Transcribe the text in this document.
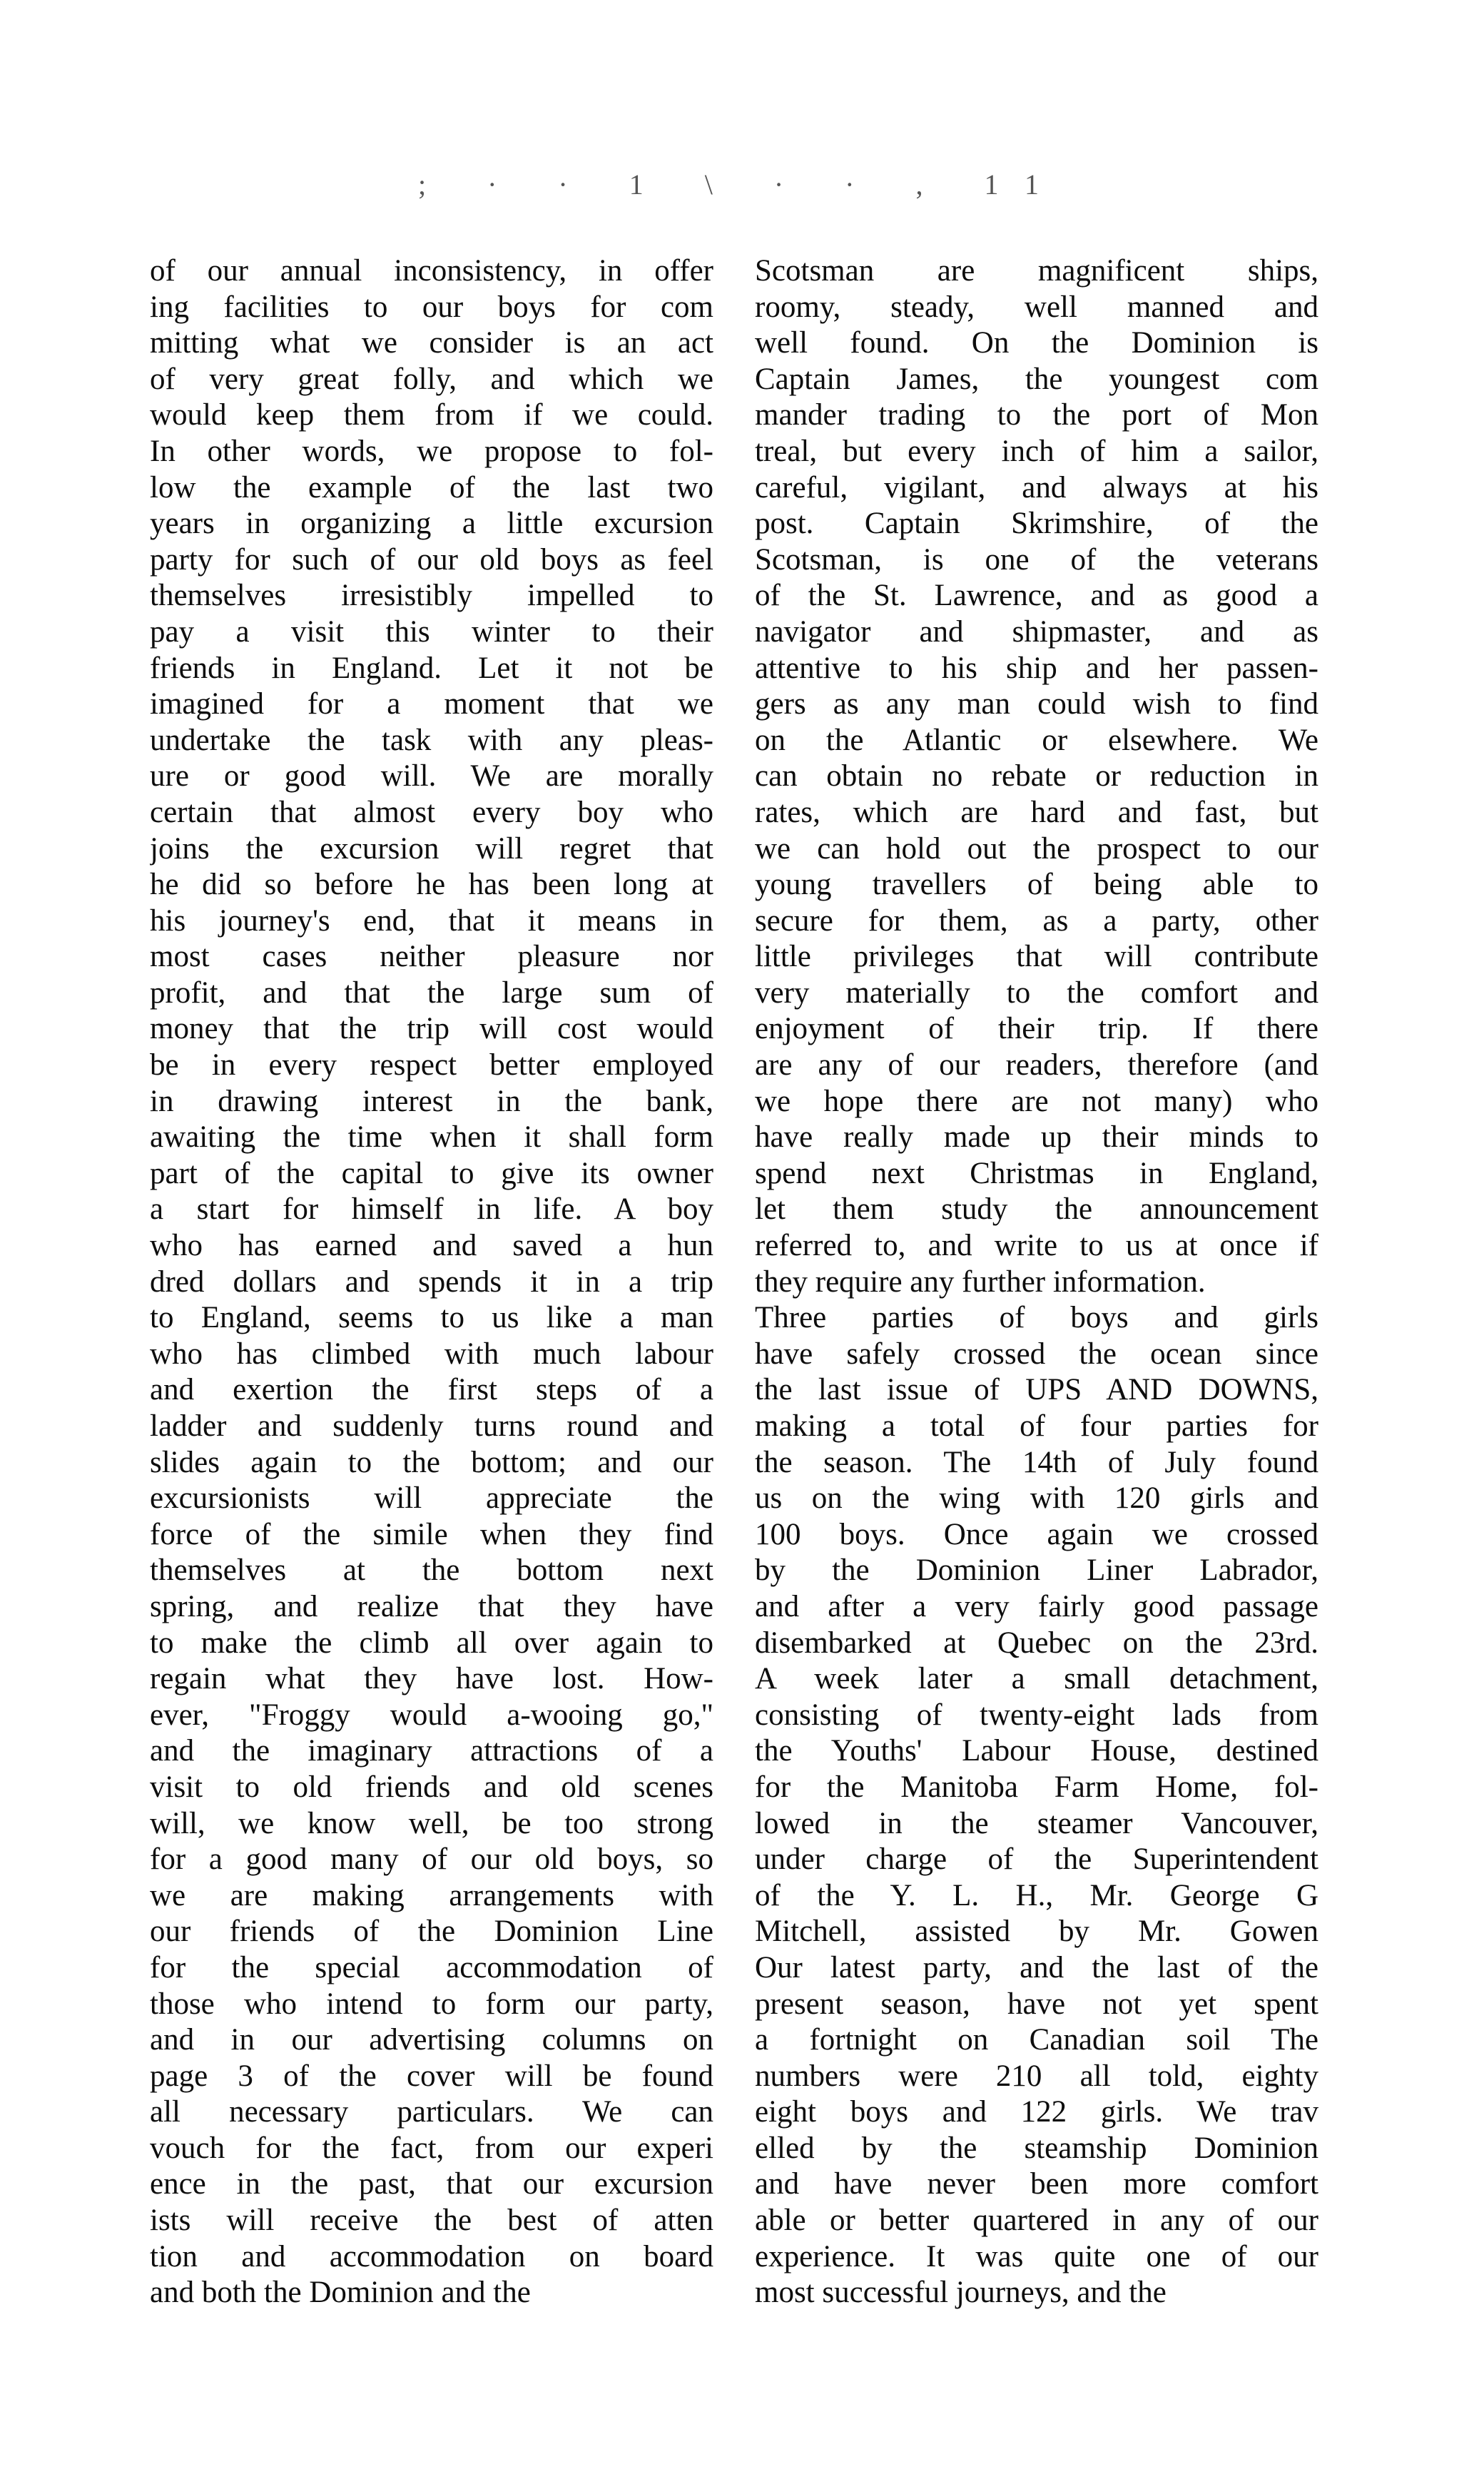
; · · 1 \ · · , 11
of our annual inconsistency, in offer
ing facilities to our boys for com
mitting what we consider is an act
of very great folly, and which we
would keep them from if we could.
In other words, we propose to fol-
low the example of the last two
years in organizing a little excursion
party for such of our old boys as feel
themselves irresistibly impelled to
pay a visit this winter to their
friends in England. Let it not be
imagined for a moment that we
undertake the task with any pleas-
ure or good will. We are morally
certain that almost every boy who
joins the excursion will regret that
he did so before he has been long at
his journey's end, that it means in
most cases neither pleasure nor
profit, and that the large sum of
money that the trip will cost would
be in every respect better employed
in drawing interest in the bank,
awaiting the time when it shall form
part of the capital to give its owner
a start for himself in life. A boy
who has earned and saved a hun
dred dollars and spends it in a trip
to England, seems to us like a man
who has climbed with much labour
and exertion the first steps of a
ladder and suddenly turns round and
slides again to the bottom; and our
excursionists will appreciate the
force of the simile when they find
themselves at the bottom next
spring, and realize that they have
to make the climb all over again to
regain what they have lost. How-
ever, "Froggy would a-wooing go,"
and the imaginary attractions of a
visit to old friends and old scenes
will, we know well, be too strong
for a good many of our old boys, so
we are making arrangements with
our friends of the Dominion Line
for the special accommodation of
those who intend to form our party,
and in our advertising columns on
page 3 of the cover will be found
all necessary particulars. We can
vouch for the fact, from our experi
ence in the past, that our excursion
ists will receive the best of atten
tion and accommodation on board
and both the Dominion and the
Scotsman are magnificent ships,
roomy, steady, well manned and
well found. On the Dominion is
Captain James, the youngest com
mander trading to the port of Mon
treal, but every inch of him a sailor,
careful, vigilant, and always at his
post. Captain Skrimshire, of the
Scotsman, is one of the veterans
of the St. Lawrence, and as good a
navigator and shipmaster, and as
attentive to his ship and her passen-
gers as any man could wish to find
on the Atlantic or elsewhere. We
can obtain no rebate or reduction in
rates, which are hard and fast, but
we can hold out the prospect to our
young travellers of being able to
secure for them, as a party, other
little privileges that will contribute
very materially to the comfort and
enjoyment of their trip. If there
are any of our readers, therefore (and
we hope there are not many) who
have really made up their minds to
spend next Christmas in England,
let them study the announcement
referred to, and write to us at once if
they require any further information.
Three parties of boys and girls
have safely crossed the ocean since
the last issue of UPS AND DOWNS,
making a total of four parties for
the season. The 14th of July found
us on the wing with 120 girls and
100 boys. Once again we crossed
by the Dominion Liner Labrador,
and after a very fairly good passage
disembarked at Quebec on the 23rd.
A week later a small detachment,
consisting of twenty-eight lads from
the Youths' Labour House, destined
for the Manitoba Farm Home, fol-
lowed in the steamer Vancouver,
under charge of the Superintendent
of the Y. L. H., Mr. George G
Mitchell, assisted by Mr. Gowen
Our latest party, and the last of the
present season, have not yet spent
a fortnight on Canadian soil The
numbers were 210 all told, eighty
eight boys and 122 girls. We trav
elled by the steamship Dominion
and have never been more comfort
able or better quartered in any of our
experience. It was quite one of our
most successful journeys, and the
